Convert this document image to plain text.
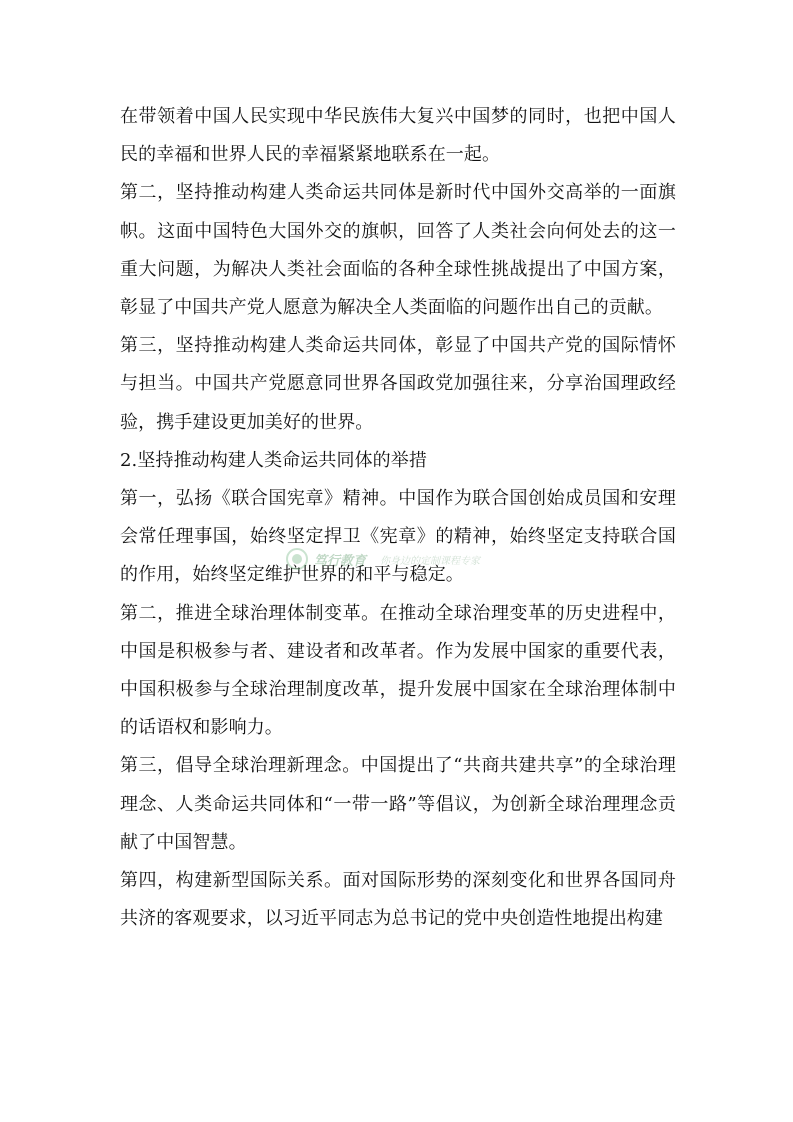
在带领着中国人民实现中华民族伟大复兴中国梦的同时，也把中国人民的幸福和世界人民的幸福紧紧地联系在一起。

第二，坚持推动构建人类命运共同体是新时代中国外交高举的一面旗帜。这面中国特色大国外交的旗帜，回答了人类社会向何处去的这一重大问题，为解决人类社会面临的各种全球性挑战提出了中国方案，彰显了中国共产党人愿意为解决全人类面临的问题作出自己的贡献。

第三，坚持推动构建人类命运共同体，彰显了中国共产党的国际情怀与担当。中国共产党愿意同世界各国政党加强往来，分享治国理政经验，携手建设更加美好的世界。

2.坚持推动构建人类命运共同体的举措

第一，弘扬《联合国宪章》精神。中国作为联合国创始成员国和安理会常任理事国，始终坚定捍卫《宪章》的精神，始终坚定支持联合国的作用，始终坚定维护世界的和平与稳定。

第二，推进全球治理体制变革。在推动全球治理变革的历史进程中，中国是积极参与者、建设者和改革者。作为发展中国家的重要代表，中国积极参与全球治理制度改革，提升发展中国家在全球治理体制中的话语权和影响力。

第三，倡导全球治理新理念。中国提出了“共商共建共享”的全球治理理念、人类命运共同体和“一带一路”等倡议，为创新全球治理理念贡献了中国智慧。

第四，构建新型国际关系。面对国际形势的深刻变化和世界各国同舟共济的客观要求，以习近平同志为总书记的党中央创造性地提出构建

笃行教育 你身边的定制课程专家
